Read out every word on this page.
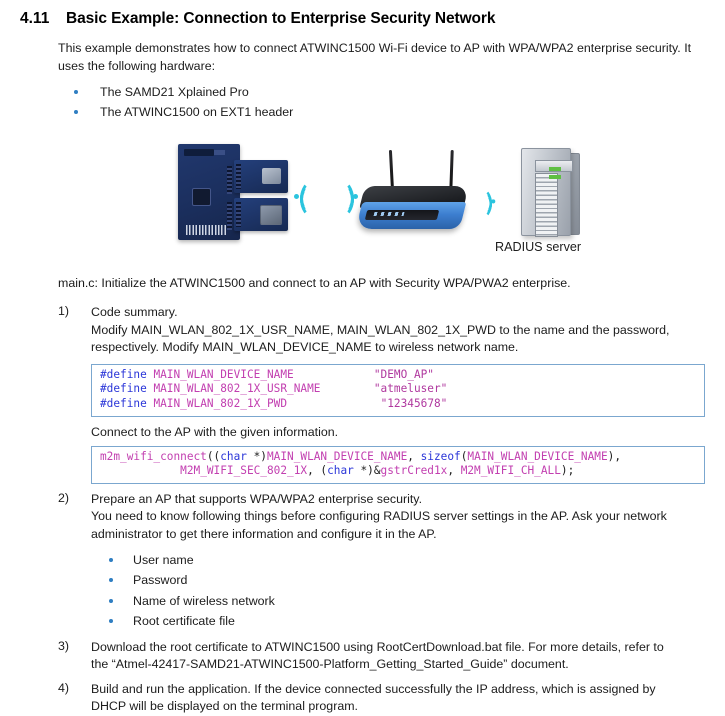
4.11	Basic Example: Connection to Enterprise Security Network

This example demonstrates how to connect ATWINC1500 Wi-Fi device to AP with WPA/WPA2 enterprise security. It uses the following hardware:

The SAMD21 Xplained Pro
The ATWINC1500 on EXT1 header
RADIUS server
main.c: Initialize the ATWINC1500 and connect to an AP with Security WPA/PWA2 enterprise.
1)	Code summary.
Modify MAIN_WLAN_802_1X_USR_NAME, MAIN_WLAN_802_1X_PWD to the name and the password,
respectively. Modify MAIN_WLAN_DEVICE_NAME to wireless network name.
#define MAIN_WLAN_DEVICE_NAME	"DEMO_AP"
#define MAIN_WLAN_802_1X_USR_NAME	"atmeluser"
#define MAIN_WLAN_802_1X_PWD	"12345678"
Connect to the AP with the given information.
m2m_wifi_connect((char *)MAIN_WLAN_DEVICE_NAME, sizeof(MAIN_WLAN_DEVICE_NAME),
M2M_WIFI_SEC_802_1X, (char *)&gstrCred1x, M2M_WIFI_CH_ALL);
2)	Prepare an AP that supports WPA/WPA2 enterprise security.
You need to know following things before configuring RADIUS server settings in the AP. Ask your network
administrator to get there information and configure it in the AP.
User name
Password
Name of wireless network
Root certificate file
3)	Download the root certificate to ATWINC1500 using RootCertDownload.bat file. For more details, refer to
the “Atmel-42417-SAMD21-ATWINC1500-Platform_Getting_Started_Guide” document.
4)	Build and run the application. If the device connected successfully the IP address, which is assigned by
DHCP will be displayed on the terminal program.
